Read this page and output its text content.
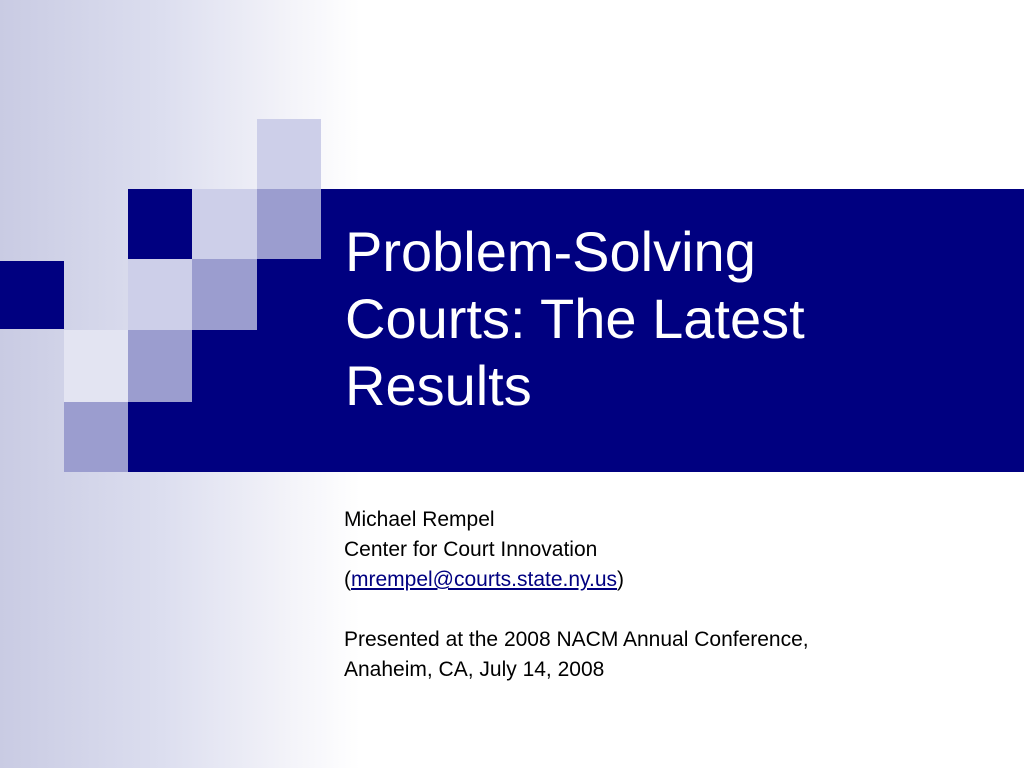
Problem-Solving
Courts: The Latest
Results

Michael Rempel

Center for Court Innovation

(mrempel@courts.state.ny.us)

Presented at the 2008 NACM Annual Conference,

Anaheim, CA, July 14, 2008
